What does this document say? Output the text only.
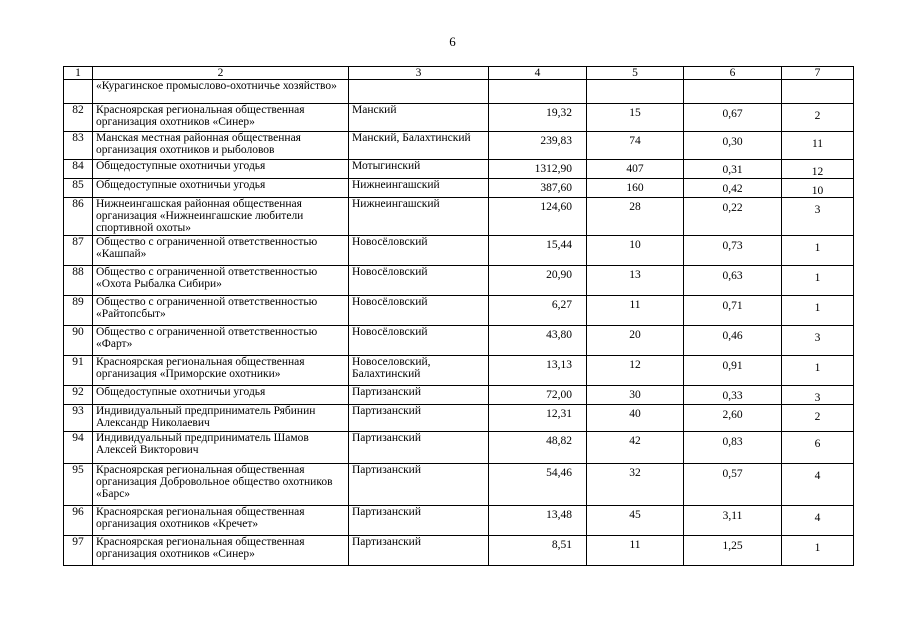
6
1	2	3	4	5	6	7
	«Курагинское промыслово-охотничье хозяйство»					
82	Красноярская региональная общественная организация охотников «Синер»	Манский	19,32	15	0,67	2
83	Манская местная районная общественная организация охотников и рыболовов	Манский, Балахтинский	239,83	74	0,30	11
84	Общедоступные охотничьи угодья	Мотыгинский	1312,90	407	0,31	12
85	Общедоступные охотничьи угодья	Нижнеингашский	387,60	160	0,42	10
86	Нижнеингашская районная общественная организация «Нижнеингашские любители спортивной охоты»	Нижнеингашский	124,60	28	0,22	3
87	Общество с ограниченной ответственностью «Кашпай»	Новосёловский	15,44	10	0,73	1
88	Общество с ограниченной ответственностью «Охота Рыбалка Сибири»	Новосёловский	20,90	13	0,63	1
89	Общество с ограниченной ответственностью «Райтопсбыт»	Новосёловский	6,27	11	0,71	1
90	Общество с ограниченной ответственностью «Фарт»	Новосёловский	43,80	20	0,46	3
91	Красноярская региональная общественная организация «Приморские охотники»	Новоселовский, Балахтинский	13,13	12	0,91	1
92	Общедоступные охотничьи угодья	Партизанский	72,00	30	0,33	3
93	Индивидуальный предприниматель Рябинин Александр Николаевич	Партизанский	12,31	40	2,60	2
94	Индивидуальный предприниматель Шамов Алексей Викторович	Партизанский	48,82	42	0,83	6
95	Красноярская региональная общественная организация Добровольное общество охотников «Барс»	Партизанский	54,46	32	0,57	4
96	Красноярская региональная общественная организация охотников «Кречет»	Партизанский	13,48	45	3,11	4
97	Красноярская региональная общественная организация охотников «Синер»	Партизанский	8,51	11	1,25	1
